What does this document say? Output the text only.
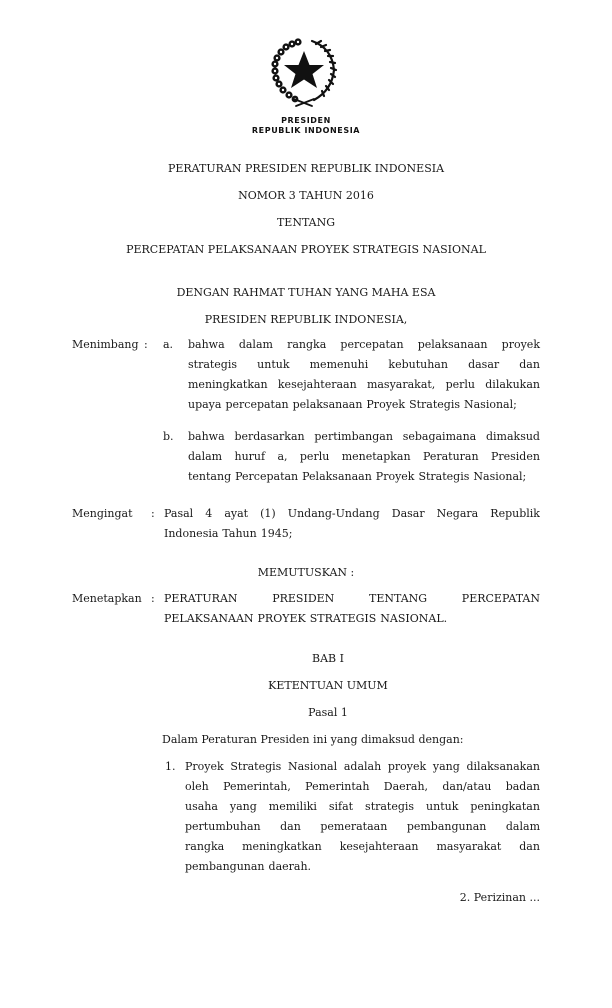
PRESIDEN
REPUBLIK INDONESIA
PERATURAN PRESIDEN REPUBLIK INDONESIA
NOMOR 3 TAHUN 2016
TENTANG
PERCEPATAN PELAKSANAAN PROYEK STRATEGIS NASIONAL
DENGAN RAHMAT TUHAN YANG MAHA ESA
PRESIDEN REPUBLIK INDONESIA,
Menimbang : a. bahwa dalam rangka percepatan pelaksanaan proyek
strategis untuk memenuhi kebutuhan dasar dan
meningkatkan kesejahteraan masyarakat, perlu dilakukan
upaya percepatan pelaksanaan Proyek Strategis Nasional;
b. bahwa berdasarkan pertimbangan sebagaimana dimaksud
dalam huruf a, perlu menetapkan Peraturan Presiden
tentang Percepatan Pelaksanaan Proyek Strategis Nasional;
Mengingat : Pasal 4 ayat (1) Undang-Undang Dasar Negara Republik
Indonesia Tahun 1945;
MEMUTUSKAN :
Menetapkan : PERATURAN	PRESIDEN	TENTANG	PERCEPATAN
PELAKSANAAN PROYEK STRATEGIS NASIONAL.
BAB I
KETENTUAN UMUM
Pasal 1
Dalam Peraturan Presiden ini yang dimaksud dengan:
1. Proyek Strategis Nasional adalah proyek yang dilaksanakan
oleh Pemerintah, Pemerintah Daerah, dan/atau badan
usaha yang memiliki sifat strategis untuk peningkatan
pertumbuhan dan pemerataan pembangunan dalam
rangka meningkatkan kesejahteraan masyarakat dan
pembangunan daerah.
2. Perizinan ...
